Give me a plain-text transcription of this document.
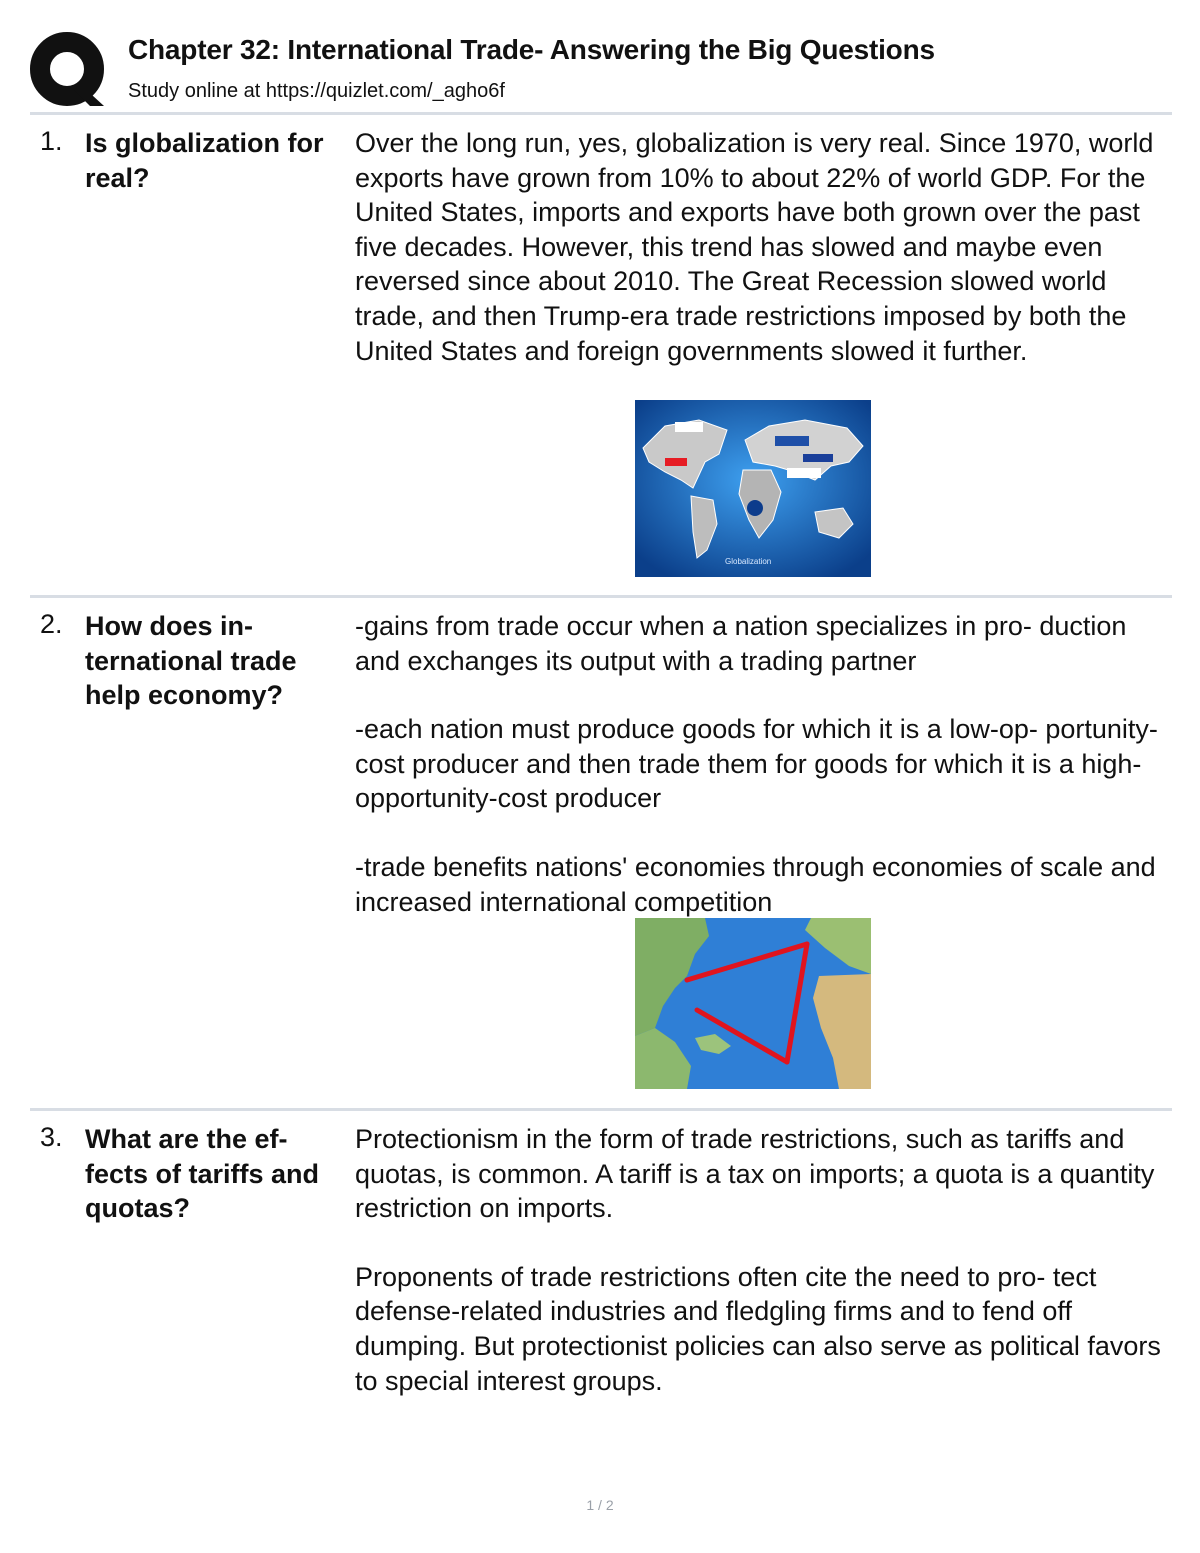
Chapter 32: International Trade- Answering the Big Questions
Study online at https://quizlet.com/_agho6f
1. Is globalization for real?

Over the long run, yes, globalization is very real. Since 1970, world exports have grown from 10% to about 22% of world GDP. For the United States, imports and exports have both grown over the past five decades. However, this trend has slowed and maybe even reversed since about 2010. The Great Recession slowed world trade, and then Trump-era trade restrictions imposed by both the United States and foreign governments slowed it further.

Globalization
2. How does in- ternational trade help economy?

-gains from trade occur when a nation specializes in pro- duction and exchanges its output with a trading partner

-each nation must produce goods for which it is a low-op- portunity-cost producer and then trade them for goods for which it is a high-opportunity-cost producer

-trade benefits nations' economies through economies of scale and increased international competition

3. What are the ef- fects of tariffs and quotas?

Protectionism in the form of trade restrictions, such as tariffs and quotas, is common. A tariff is a tax on imports; a quota is a quantity restriction on imports.

Proponents of trade restrictions often cite the need to pro- tect defense-related industries and fledgling firms and to fend off dumping. But protectionist policies can also serve as political favors to special interest groups.

1 / 2
